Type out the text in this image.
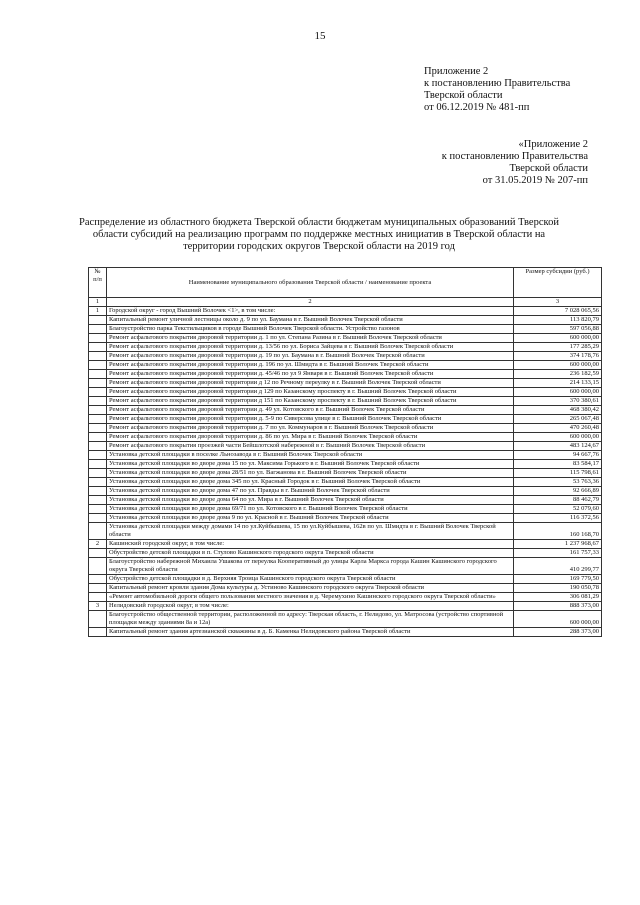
15
Приложение 2
к постановлению Правительства
Тверской области
от 06.12.2019 № 481-пп
«Приложение 2
к постановлению Правительства
Тверской области
от 31.05.2019 № 207-пп
Распределение из областного бюджета Тверской области бюджетам муниципальных образований Тверской области субсидий на реализацию программ по поддержке местных инициатив в Тверской области на территории городских округов Тверской области на 2019 год
№ п/п	Наименование муниципального образования Тверской области / наименование проекта	Размер субсидии (руб.)
1	2	3
1	Городской округ - город Вышний Волочек <1>, в том числе:	7 028 065,56
	Капитальный ремонт уличной лестницы около д. 9 по ул. Баумана в г. Вышний Волочек Тверской области	113 820,79
	Благоустройство парка Текстильщиков в городе Вышний Волочек Тверской области. Устройство газонов	597 056,88
	Ремонт асфальтового покрытия дворовой территории д. 1 по ул. Степана Разина в г. Вышний Волочек Тверской области	600 000,00
	Ремонт асфальтового покрытия дворовой территории д. 13/56 по ул. Бориса Зайцева в г. Вышний Волочек Тверской области	177 285,29
	Ремонт асфальтового покрытия дворовой территории д. 19 по ул. Баумана в г. Вышний Волочек Тверской области	374 178,76
	Ремонт асфальтового покрытия дворовой территории д. 196 по ул. Шмидта в г. Вышний Волочек Тверской области	600 000,00
	Ремонт асфальтового покрытия дворовой территории д. 45/46 по ул 9 Января в г. Вышний Волочек Тверской области	236 182,59
	Ремонт асфальтового покрытия дворовой территории д 12 по Речному переулку в г. Вышний Волочек Тверской области	214 133,15
	Ремонт асфальтового покрытия дворовой территории д 129 по Казанскому проспекту в г. Вышний Волочек Тверской области	600 000,00
	Ремонт асфальтового покрытия дворовой территории д 151 по Казанскому проспекту в г. Вышний Волочек Тверской области	370 380,61
	Ремонт асфальтового покрытия дворовой территории д. 49 ул. Котовского в г. Вышний Волочек Тверской области	468 380,42
	Ремонт асфальтового покрытия дворовой территории д. 5-9 по Сиверсова улице в г. Вышний Волочек Тверской области	265 067,48
	Ремонт асфальтового покрытия дворовой территории д. 7 по ул. Коммунаров в г. Вышний Волочек Тверской области	470 260,48
	Ремонт асфальтового покрытия дворовой территории д. 86 по ул. Мира в г. Вышний Волочек Тверской области	600 000,00
	Ремонт асфальтового покрытия проезжей части Бейшлотской набережной в г. Вышний Волочек Тверской области	483 124,67
	Установка детской площадки в поселке Льнозавода в г. Вышний Волочек Тверской области	94 667,76
	Установка детской площадки во дворе дома 15 по ул. Максима Горького в г. Вышний Волочек Тверской области	83 584,17
	Установка детской площадки во дворе дома 28/51 по ул. Вагжанова в г. Вышний Волочек Тверской области	115 798,61
	Установка детской площадки во дворе дома 345 по ул. Красный Городок в г. Вышний Волочек Тверской области	53 763,36
	Установка детской площадки во дворе дома 47 по ул. Правды в г. Вышний Волочек Тверской области	92 666,89
	Установка детской площадки во дворе дома 64 по ул. Мира в г. Вышний Волочек Тверской области	88 462,79
	Установка детской площадки во дворе дома 69/71 по ул. Котовского в г. Вышний Волочек Тверской области	52 079,60
	Установка детской площадки во дворе дома 9 по ул. Красной в г. Вышний Волочек Тверской области	116 372,56
	Установка детской площадки между домами 14 по ул.Куйбышева, 15 по ул.Куйбышева, 162в по ул. Шмидта в г. Вышний Волочек Тверской области	160 168,70
2	Кашинский городской округ, в том числе:	1 237 968,67
	Обустройство детской площадки в п. Стулово Кашинского городского округа Тверской области	161 757,33
	Благоустройство набережной Михаила Ушакова от переулка Кооперативный до улицы Карла Маркса города Кашин Кашинского городского округа Тверской области	410 299,77
	Обустройство детской площадки в д. Верхняя Троица Кашинского городского округа Тверской области	169 779,50
	Капитальный ремонт кровли здания Дома культуры д. Устиново Кашинского городского округа Тверской области	190 050,78
	«Ремонт автомобильной дороги общего пользования местного значения в д. Черемухино Кашинского городского округа Тверской области»	306 081,29
3	Нелидовский городской округ, в том числе:	888 373,00
	Благоустройство общественной территории, расположенной по адресу: Тверская область, г. Нелидово, ул. Матросова (устройство спортивной площадки между зданиями 8а и 12а)	600 000,00
	Капитальный ремонт здания артезианской скважины в д. Б. Каменка Нелидовского района Тверской области	288 373,00
